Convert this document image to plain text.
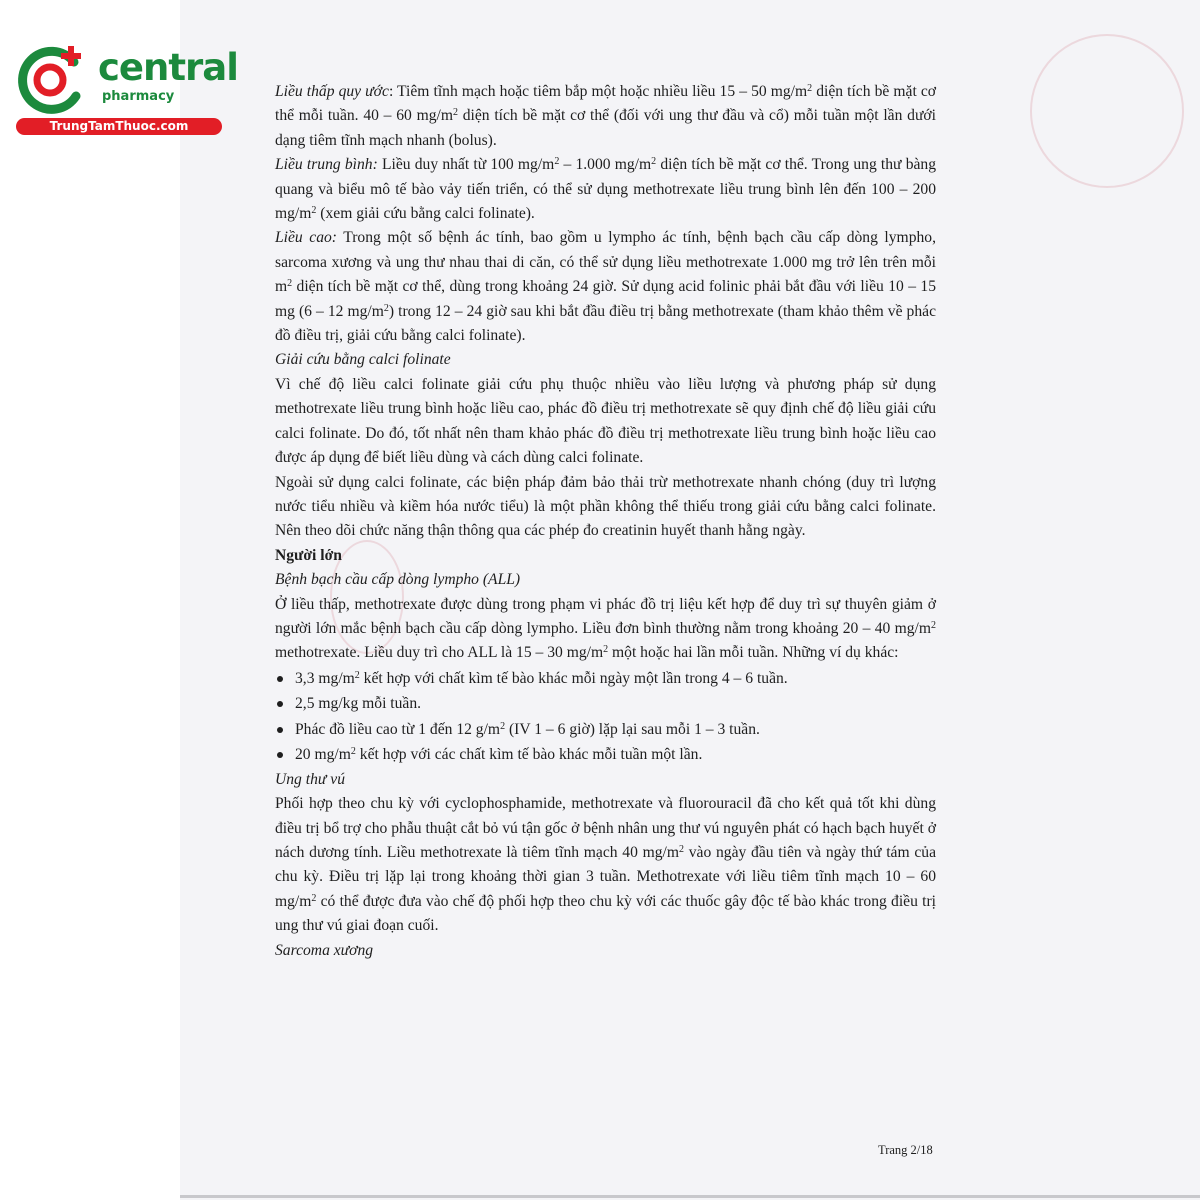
central
pharmacy
TrungTamThuoc.com

Liều thấp quy ước: Tiêm tĩnh mạch hoặc tiêm bắp một hoặc nhiều liều 15 – 50 $mg/m^2$ diện tích bề mặt cơ thể mỗi tuần. 40 – 60 $mg/m^2$ diện tích bề mặt cơ thể (đối với ung thư đầu và cổ) mỗi tuần một lần dưới dạng tiêm tĩnh mạch nhanh (bolus).

Liều trung bình: Liều duy nhất từ 100 $mg/m^2 - 1.000$ $mg/m^2$ diện tích bề mặt cơ thể. Trong ung thư bàng quang và biểu mô tế bào vảy tiến triển, có thể sử dụng methotrexate liều trung bình lên đến 100 – 200 $mg/m^2$ (xem giải cứu bằng calci folinate).

Liều cao: Trong một số bệnh ác tính, bao gồm u lympho ác tính, bệnh bạch cầu cấp dòng lympho, sarcoma xương và ung thư nhau thai di căn, có thể sử dụng liều methotrexate 1.000 mg trở lên trên mỗi $m^2$ diện tích bề mặt cơ thể, dùng trong khoảng 24 giờ. Sử dụng acid folinic phải bắt đầu với liều 10 – 15 mg (6 – 12 $mg/m^2$) trong 12 – 24 giờ sau khi bắt đầu điều trị bằng methotrexate (tham khảo thêm về phác đồ điều trị, giải cứu bằng calci folinate).

Giải cứu bằng calci folinate

Vì chế độ liều calci folinate giải cứu phụ thuộc nhiều vào liều lượng và phương pháp sử dụng methotrexate liều trung bình hoặc liều cao, phác đồ điều trị methotrexate sẽ quy định chế độ liều giải cứu calci folinate. Do đó, tốt nhất nên tham khảo phác đồ điều trị methotrexate liều trung bình hoặc liều cao được áp dụng để biết liều dùng và cách dùng calci folinate.

Ngoài sử dụng calci folinate, các biện pháp đảm bảo thải trừ methotrexate nhanh chóng (duy trì lượng nước tiểu nhiều và kiềm hóa nước tiểu) là một phần không thể thiếu trong giải cứu bằng calci folinate. Nên theo dõi chức năng thận thông qua các phép đo creatinin huyết thanh hằng ngày.

Người lớn

Bệnh bạch cầu cấp dòng lympho (ALL)

Ở liều thấp, methotrexate được dùng trong phạm vi phác đồ trị liệu kết hợp để duy trì sự thuyên giảm ở người lớn mắc bệnh bạch cầu cấp dòng lympho. Liều đơn bình thường nằm trong khoảng 20 – 40 $mg/m^2$ methotrexate. Liều duy trì cho ALL là 15 – 30 $mg/m^2$ một hoặc hai lần mỗi tuần. Những ví dụ khác:

3,3 $mg/m^2$ kết hợp với chất kìm tế bào khác mỗi ngày một lần trong 4 – 6 tuần.
2,5 mg/kg mỗi tuần.
Phác đồ liều cao từ 1 đến 12 $g/m^2$ (IV 1 – 6 giờ) lặp lại sau mỗi 1 – 3 tuần.
20 $mg/m^2$ kết hợp với các chất kìm tế bào khác mỗi tuần một lần.

Ung thư vú

Phối hợp theo chu kỳ với cyclophosphamide, methotrexate và fluorouracil đã cho kết quả tốt khi dùng điều trị bổ trợ cho phẫu thuật cắt bỏ vú tận gốc ở bệnh nhân ung thư vú nguyên phát có hạch bạch huyết ở nách dương tính. Liều methotrexate là tiêm tĩnh mạch 40 $mg/m^2$ vào ngày đầu tiên và ngày thứ tám của chu kỳ. Điều trị lặp lại trong khoảng thời gian 3 tuần. Methotrexate với liều tiêm tĩnh mạch 10 – 60 $mg/m^2$ có thể được đưa vào chế độ phối hợp theo chu kỳ với các thuốc gây độc tế bào khác trong điều trị ung thư vú giai đoạn cuối.

Sarcoma xương

Trang 2/18
